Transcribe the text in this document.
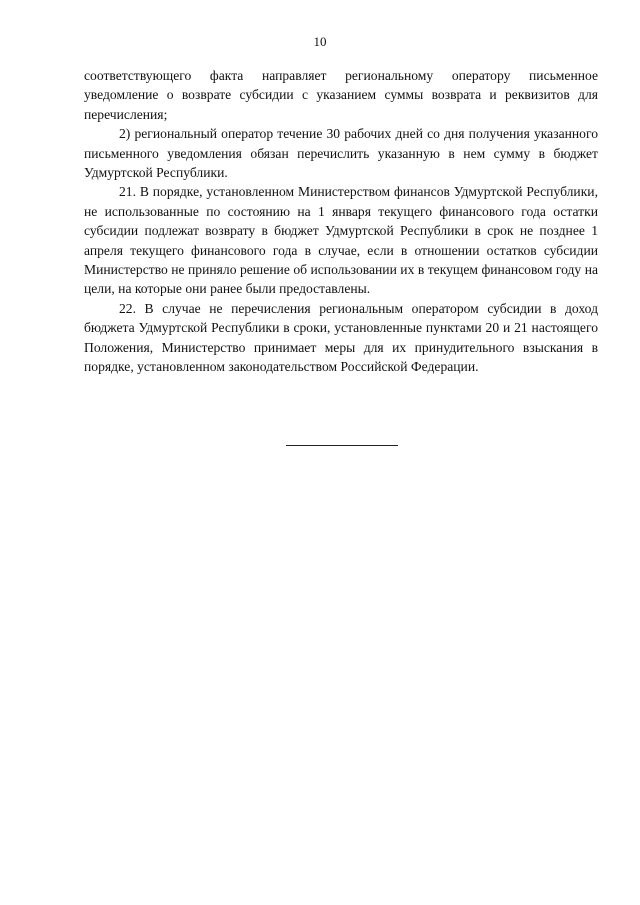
10

соответствующего факта направляет региональному оператору письменное уведомление о возврате субсидии с указанием суммы возврата и реквизитов для перечисления;

2) региональный оператор течение 30 рабочих дней со дня получения указанного письменного уведомления обязан перечислить указанную в нем сумму в бюджет Удмуртской Республики.

21. В порядке, установленном Министерством финансов Удмуртской Республики, не использованные по состоянию на 1 января текущего финансового года остатки субсидии подлежат возврату в бюджет Удмуртской Республики в срок не позднее 1 апреля текущего финансового года в случае, если в отношении остатков субсидии Министерство не приняло решение об использовании их в текущем финансовом году на цели, на которые они ранее были предоставлены.

22. В случае не перечисления региональным оператором субсидии в доход бюджета Удмуртской Республики в сроки, установленные пунктами 20 и 21 настоящего Положения, Министерство принимает меры для их принудительного взыскания в порядке, установленном законодательством Российской Федерации.
